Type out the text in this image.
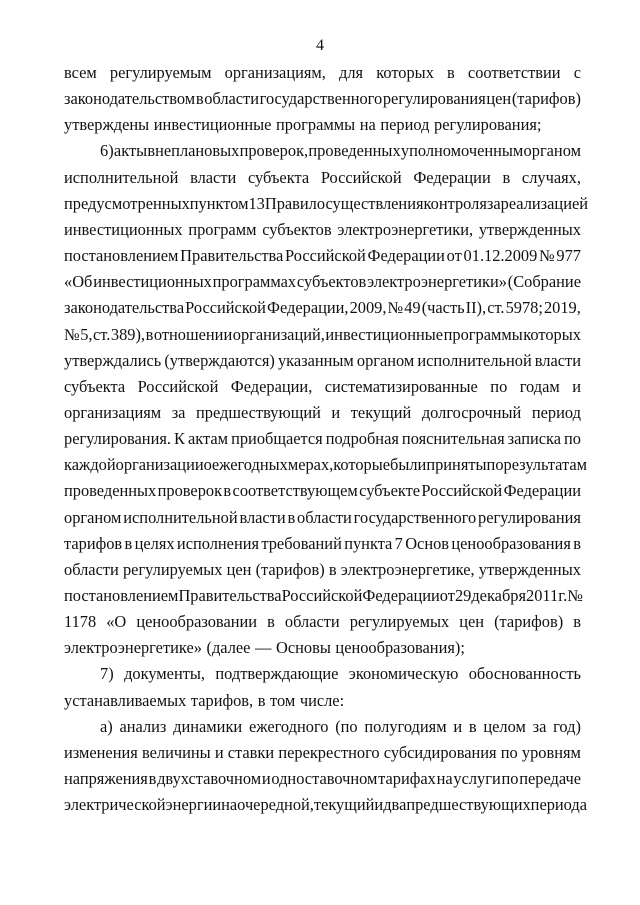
4
всем регулируемым организациям, для которых в соответствии с
законодательством в области государственного регулирования цен (тарифов)
утверждены инвестиционные программы на период регулирования;
6) акты внеплановых проверок, проведенных уполномоченным органом
исполнительной власти субъекта Российской Федерации в случаях,
предусмотренных пунктом 13 Правил осуществления контроля за реализацией
инвестиционных программ субъектов электроэнергетики, утвержденных
постановлением Правительства Российской Федерации от 01.12.2009 № 977
«Об инвестиционных программах субъектов электроэнергетики» (Собрание
законодательства Российской Федерации, 2009, № 49 (часть II), ст. 5978; 2019,
№ 5, ст. 389), в отношении организаций, инвестиционные программы которых
утверждались (утверждаются) указанным органом исполнительной власти
субъекта Российской Федерации, систематизированные по годам и
организациям за предшествующий и текущий долгосрочный период
регулирования. К актам приобщается подробная пояснительная записка по
каждой организации о ежегодных мерах, которые были приняты по результатам
проведенных проверок в соответствующем субъекте Российской Федерации
органом исполнительной власти в области государственного регулирования
тарифов в целях исполнения требований пункта 7 Основ ценообразования в
области регулируемых цен (тарифов) в электроэнергетике, утвержденных
постановлением Правительства Российской Федерации от 29 декабря 2011 г. №
1178 «О ценообразовании в области регулируемых цен (тарифов) в
электроэнергетике» (далее — Основы ценообразования);
7) документы, подтверждающие экономическую обоснованность
устанавливаемых тарифов, в том числе:
а) анализ динамики ежегодного (по полугодиям и в целом за год)
изменения величины и ставки перекрестного субсидирования по уровням
напряжения в двухставочном и одноставочном тарифах на услуги по передаче
электрической энергии на очередной, текущий и два предшествующих периода
